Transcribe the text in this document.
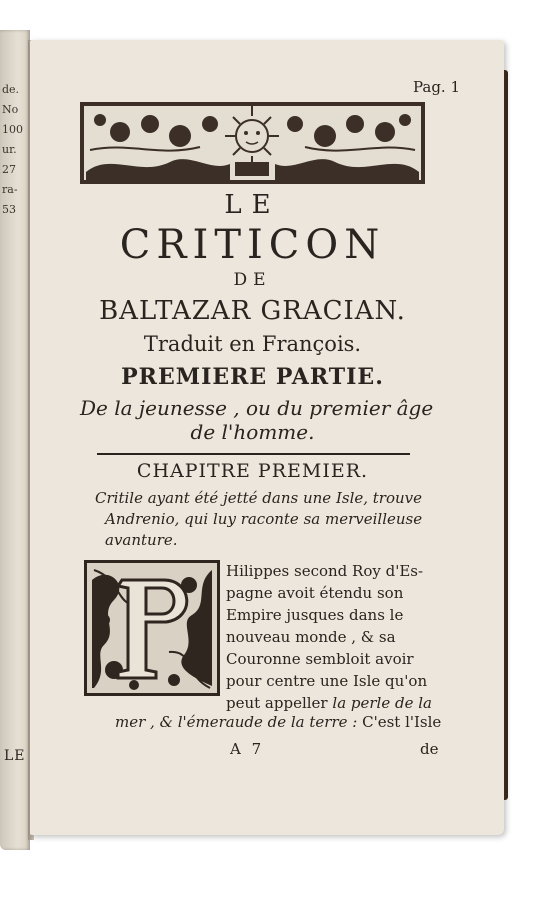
de.
No
100
ur.
27
ra-
53
LE
Pag. 1
LE
CRITICON
DE
BALTAZAR GRACIAN.
Traduit en François.
PREMIERE PARTIE.
De la jeunesse , ou du premier âge
de l'homme.
CHAPITRE PREMIER.
Critile ayant été jetté dans une Isle, trouve
Andrenio, qui luy raconte sa merveilleuse
avanture.
Hilippes second Roy d'Es-
pagne avoit étendu son
Empire jusques dans le
nouveau monde , & sa
Couronne sembloit avoir
pour centre une Isle qu'on
peut appeller la perle de la
mer , & l'émeraude de la terre : C'est l'Isle
A 7	de
